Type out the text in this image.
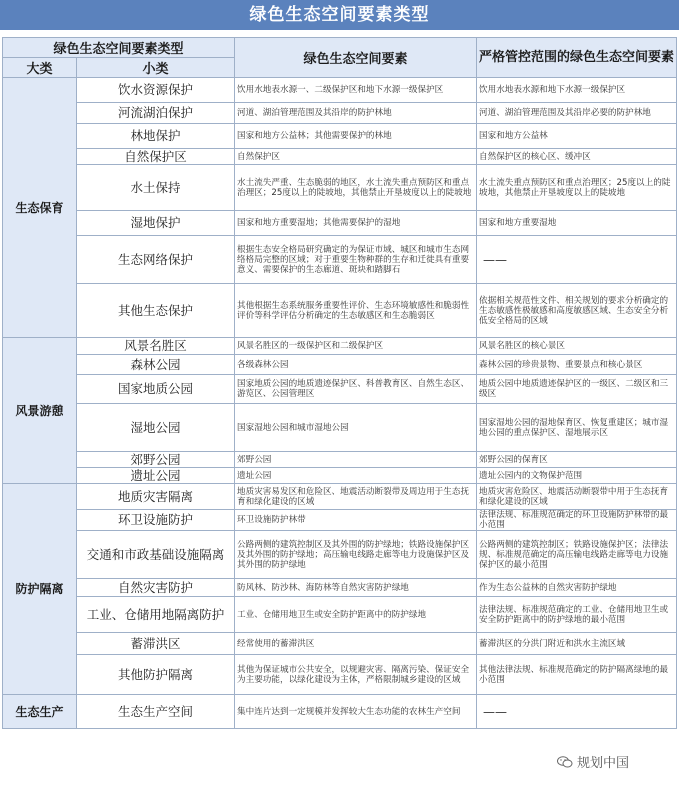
绿色生态空间要素类型
绿色生态空间要素类型		绿色生态空间要素	严格管控范围的绿色生态空间要素
大类	小类		
生态保育	饮水资源保护	饮用水地表水源一、二级保护区和地下水源一级保护区	饮用水地表水源和地下水源一级保护区
	河流湖泊保护	河道、湖泊管理范围及其沿岸的防护林地	河道、湖泊管理范围及其沿岸必要的防护林地
	林地保护	国家和地方公益林；其他需要保护的林地	国家和地方公益林
	自然保护区	自然保护区	自然保护区的核心区、缓冲区
	水土保持	水土流失严重、生态脆弱的地区，水土流失重点预防区和重点治理区；25度以上的陡坡地，其他禁止开垦坡度以上的陡坡地	水土流失重点预防区和重点治理区；25度以上的陡坡地，其他禁止开垦坡度以上的陡坡地
	湿地保护	国家和地方重要湿地；其他需要保护的湿地	国家和地方重要湿地
	生态网络保护	根据生态安全格局研究确定的为保证市域、城区和城市生态网络格局完整的区域；对于重要生物种群的生存和迁徙具有重要意义、需要保护的生态廊道、斑块和踏脚石	——
	其他生态保护	其他根据生态系统服务重要性评价、生态环境敏感性和脆弱性评价等科学评估分析确定的生态敏感区和生态脆弱区	依据相关规范性文件、相关规划的要求分析确定的生态敏感性极敏感和高度敏感区域、生态安全分析低安全格局的区域
风景游憩	风景名胜区	风景名胜区的一级保护区和二级保护区	风景名胜区的核心景区
	森林公园	各级森林公园	森林公园的珍贵景物、重要景点和核心景区
	国家地质公园	国家地质公园的地质遗迹保护区、科普教育区、自然生态区、游览区、公园管理区	地质公园中地质遗迹保护区的一级区、二级区和三级区
	湿地公园	国家湿地公园和城市湿地公园	国家湿地公园的湿地保育区、恢复重建区；城市湿地公园的重点保护区、湿地展示区
	郊野公园	郊野公园	郊野公园的保育区
	遗址公园	遗址公园	遗址公园内的文物保护范围
防护隔离	地质灾害隔离	地质灾害易发区和危险区、地震活动断裂带及周边用于生态抚育和绿化建设的区域	地质灾害危险区、地震活动断裂带中用于生态抚育和绿化建设的区域
	环卫设施防护	环卫设施防护林带	法律法规、标准规范确定的环卫设施防护林带的最小范围
	交通和市政基础设施隔离	公路两侧的建筑控制区及其外围的防护绿地；铁路设施保护区及其外围的防护绿地；高压输电线路走廊等电力设施保护区及其外围的防护绿地	公路两侧的建筑控制区；铁路设施保护区；法律法规、标准规范确定的高压输电线路走廊等电力设施保护区的最小范围
	自然灾害防护	防风林、防沙林、海防林等自然灾害防护绿地	作为生态公益林的自然灾害防护绿地
	工业、仓储用地隔离防护	工业、仓储用地卫生或安全防护距离中的防护绿地	法律法规、标准规范确定的工业、仓储用地卫生或安全防护距离中的防护绿地的最小范围
	蓄滞洪区	经常使用的蓄滞洪区	蓄滞洪区的分洪门附近和洪水主流区域
	其他防护隔离	其他为保证城市公共安全，以规避灾害、隔离污染、保证安全为主要功能，以绿化建设为主体，严格限制城乡建设的区域	其他法律法规、标准规范确定的防护隔离绿地的最小范围
生态生产	生态生产空间	集中连片达到一定规模并发挥较大生态功能的农林生产空间	——
规划中国
